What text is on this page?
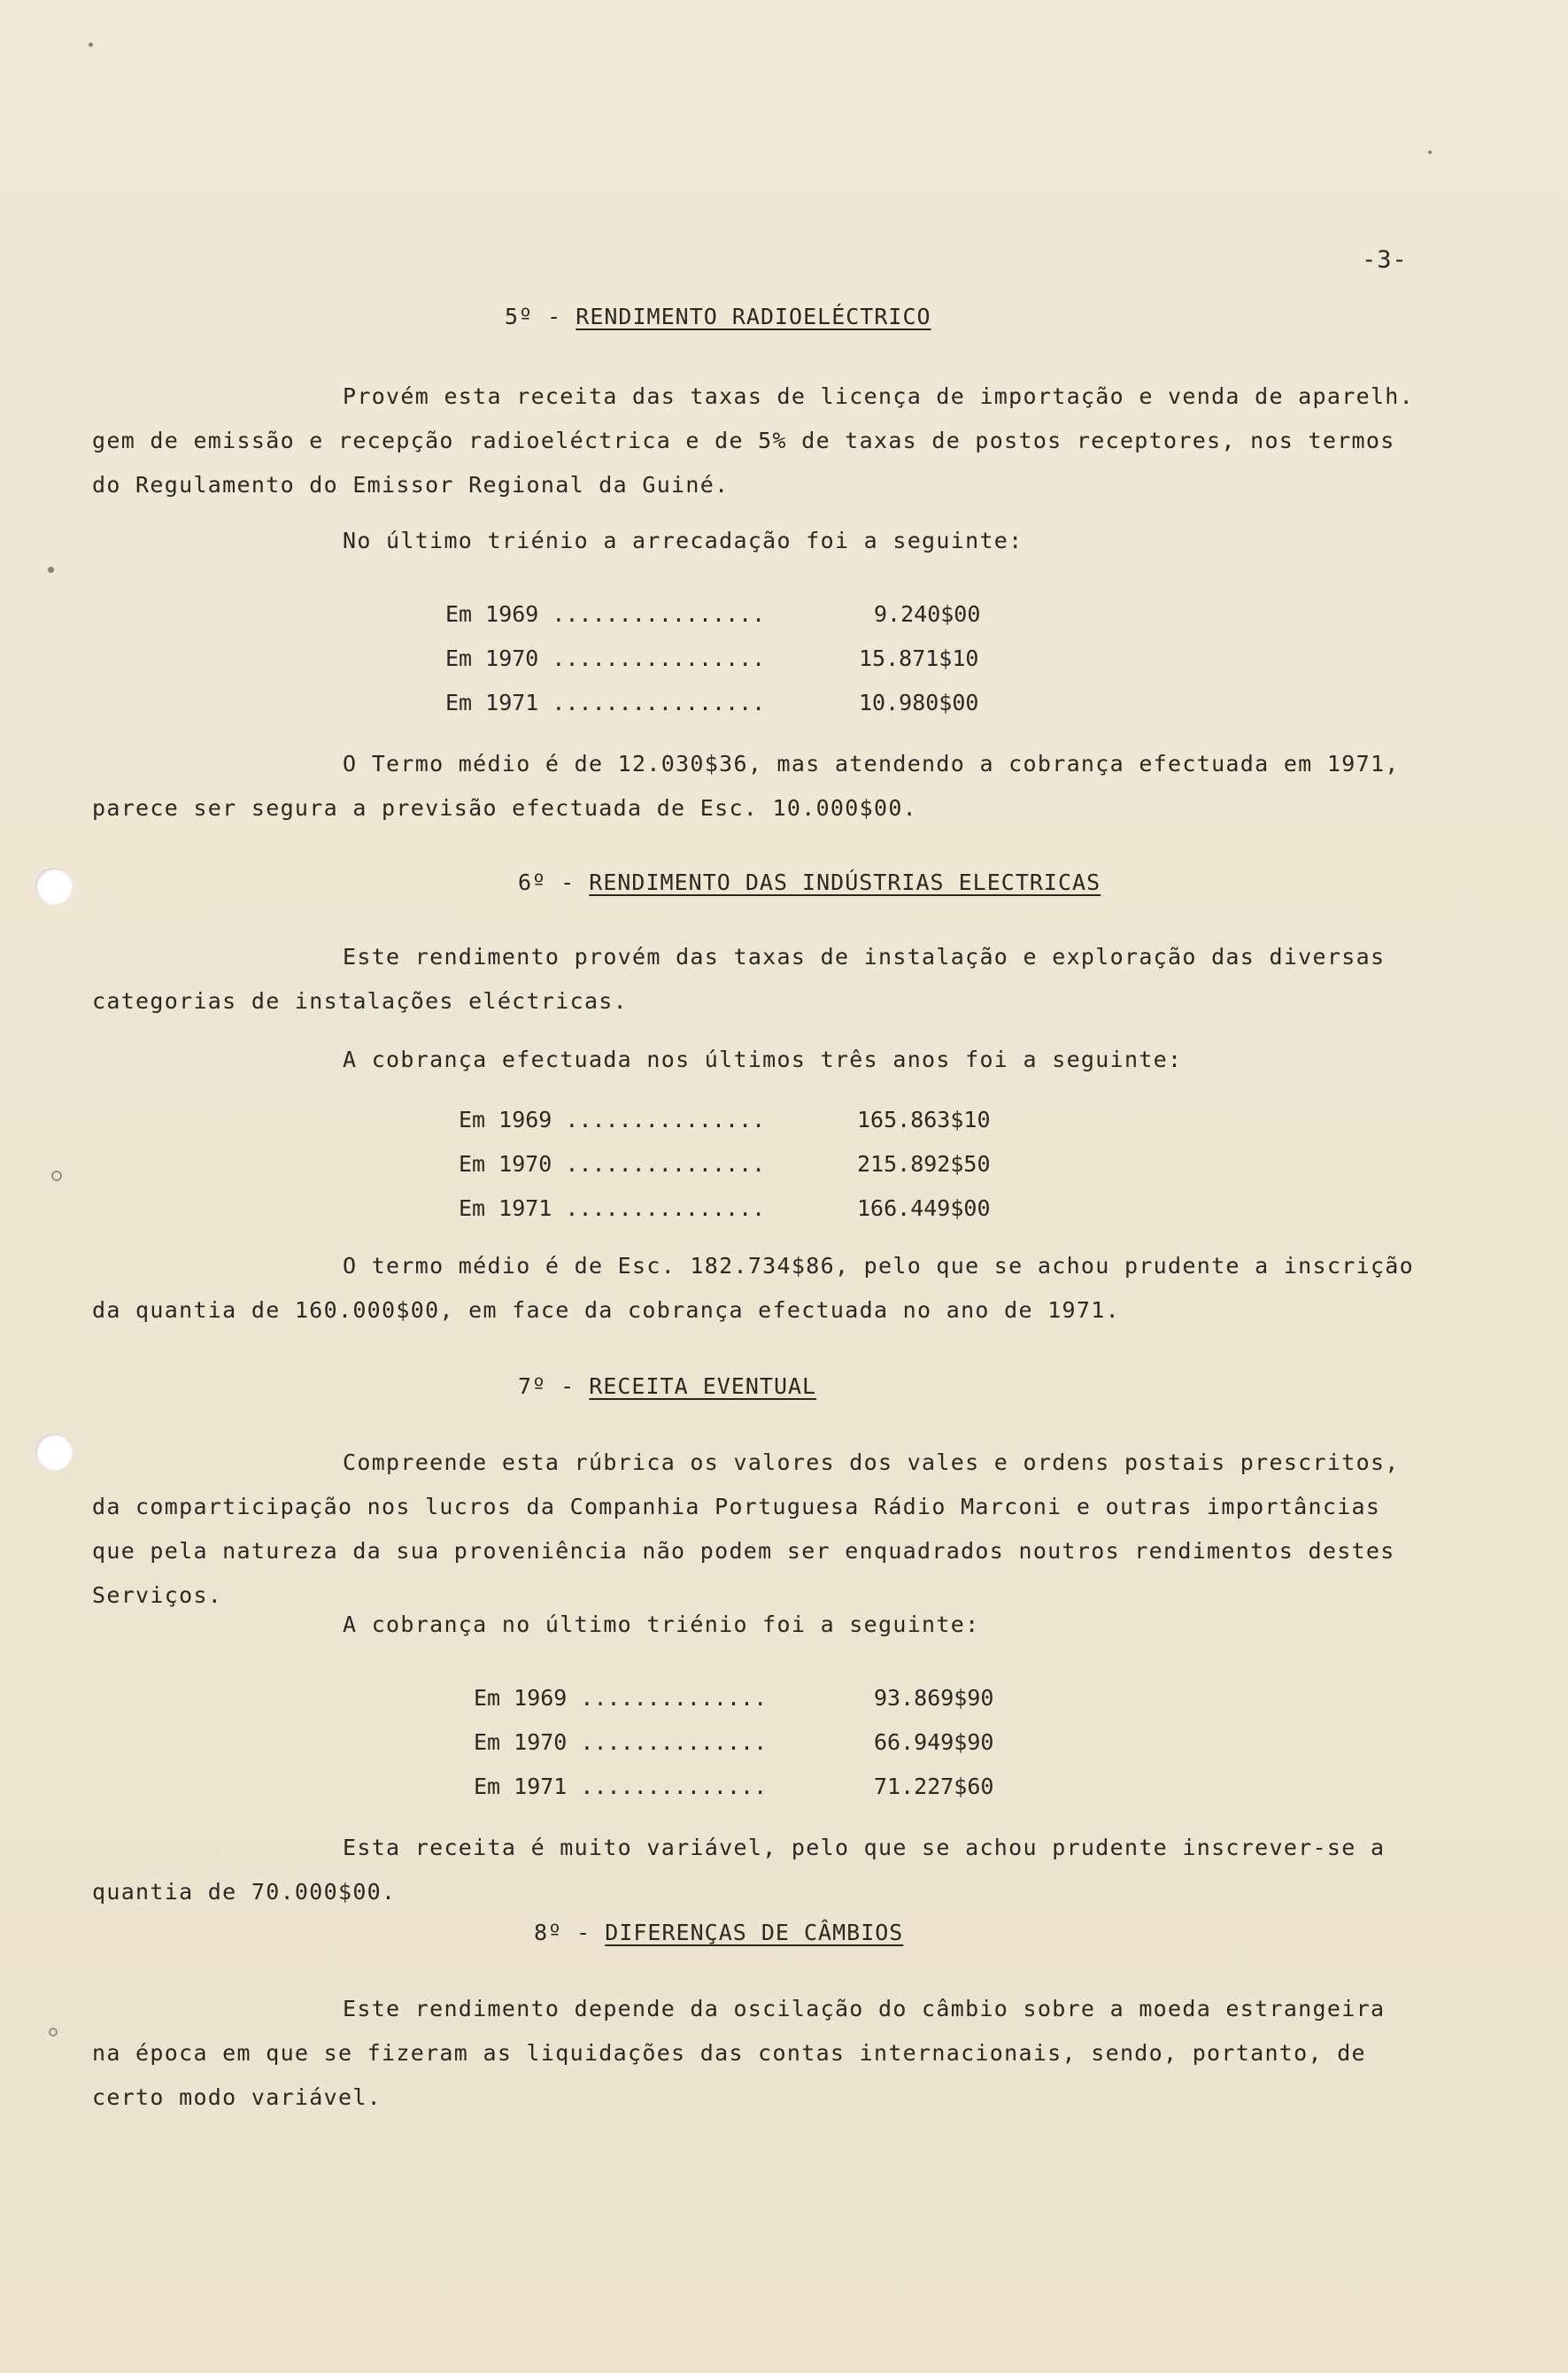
-3-
5º - RENDIMENTO RADIOELÉCTRICO
Provém esta receita das taxas de licença de importação e venda de aparelh.
gem de emissão e recepção radioeléctrica e de 5% de taxas de postos receptores, nos termos
do Regulamento do Emissor Regional da Guiné.
No último triénio a arrecadação foi a seguinte:
Em 1969 ................	9.240$00
Em 1970 ................	15.871$10
Em 1971 ................	10.980$00
O Termo médio é de 12.030$36, mas atendendo a cobrança efectuada em 1971,
parece ser segura a previsão efectuada de Esc. 10.000$00.
6º - RENDIMENTO DAS INDÚSTRIAS ELECTRICAS
Este rendimento provém das taxas de instalação e exploração das diversas
categorias de instalações eléctricas.
A cobrança efectuada nos últimos três anos foi a seguinte:
Em 1969 ...............	165.863$10
Em 1970 ...............	215.892$50
Em 1971 ...............	166.449$00
O termo médio é de Esc. 182.734$86, pelo que se achou prudente a inscrição
da quantia de 160.000$00, em face da cobrança efectuada no ano de 1971.
7º - RECEITA EVENTUAL
Compreende esta rúbrica os valores dos vales e ordens postais prescritos,
da comparticipação nos lucros da Companhia Portuguesa Rádio Marconi e outras importâncias
que pela natureza da sua proveniência não podem ser enquadrados noutros rendimentos destes
Serviços.
A cobrança no último triénio foi a seguinte:
Em 1969 ..............	93.869$90
Em 1970 ..............	66.949$90
Em 1971 ..............	71.227$60
Esta receita é muito variável, pelo que se achou prudente inscrever-se a
quantia de 70.000$00.
8º - DIFERENÇAS DE CÂMBIOS
Este rendimento depende da oscilação do câmbio sobre a moeda estrangeira
na época em que se fizeram as liquidações das contas internacionais, sendo, portanto, de
certo modo variável.
